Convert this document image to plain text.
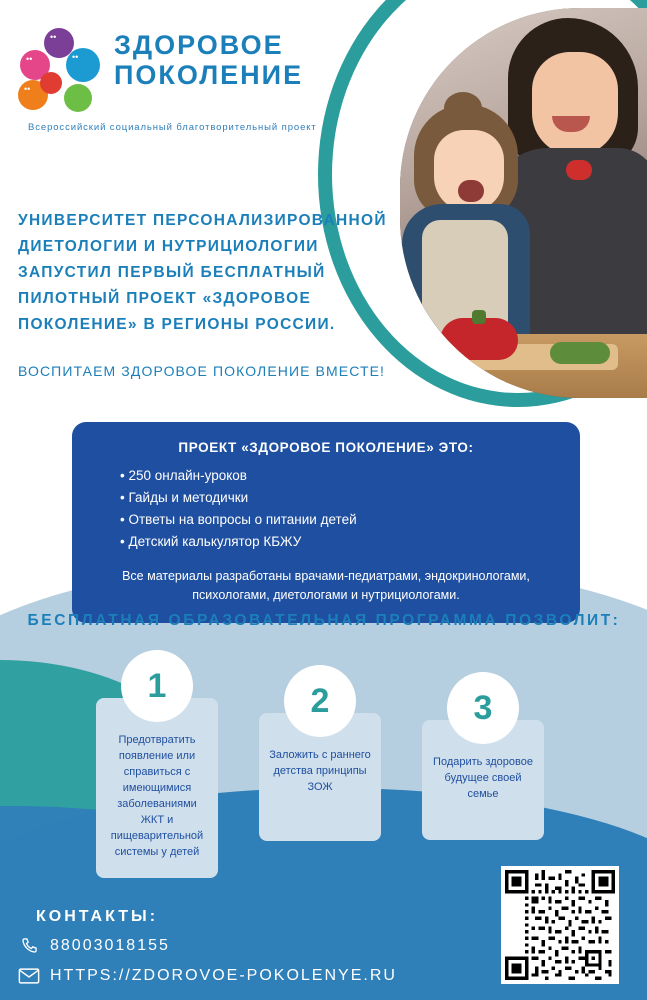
••
••	••
••
ЗДОРОВОЕ
ПОКОЛЕНИЕ
Всероссийский социальный благотворительный проект
УНИВЕРСИТЕТ ПЕРСОНАЛИЗИРОВАННОЙ ДИЕТОЛОГИИ И НУТРИЦИОЛОГИИ ЗАПУСТИЛ ПЕРВЫЙ БЕСПЛАТНЫЙ ПИЛОТНЫЙ ПРОЕКТ «ЗДОРОВОЕ ПОКОЛЕНИЕ» В РЕГИОНЫ РОССИИ.
ВОСПИТАЕМ ЗДОРОВОЕ ПОКОЛЕНИЕ ВМЕСТЕ!
ПРОЕКТ «ЗДОРОВОЕ ПОКОЛЕНИЕ» ЭТО:
• 250 онлайн-уроков
• Гайды и методички
• Ответы на вопросы о питании детей
• Детский калькулятор КБЖУ
Все материалы разработаны врачами-педиатрами, эндокринологами, психологами, диетологами и нутрициологами.
БЕСПЛАТНАЯ ОБРАЗОВАТЕЛЬНАЯ ПРОГРАММА ПОЗВОЛИТ:
1
Предотвратить появление или справиться с имеющимися заболеваниями ЖКТ и пищеварительной системы у детей
2
Заложить с раннего детства принципы ЗОЖ
3
Подарить здоровое будущее своей семье
КОНТАКТЫ:
88003018155
HTTPS://ZDOROVOE-POKOLENYE.RU
